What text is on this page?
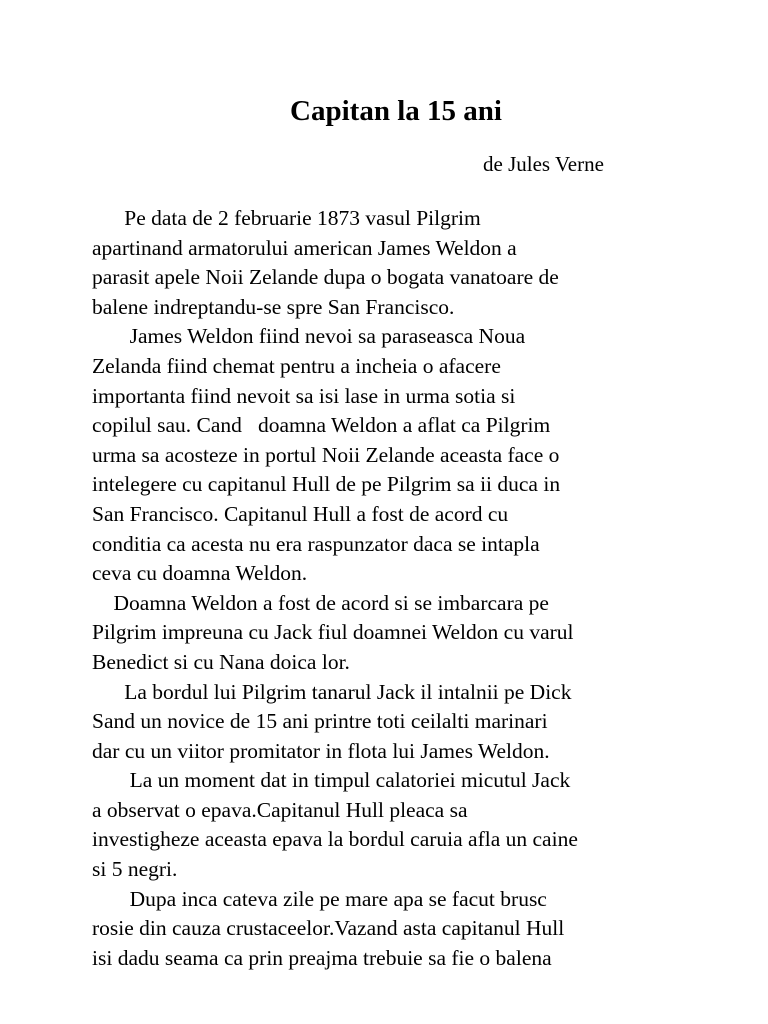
Capitan la 15 ani
de Jules Verne
Pe data de 2 februarie 1873 vasul Pilgrim
apartinand armatorului american James Weldon a
parasit apele Noii Zelande dupa o bogata vanatoare de
balene indreptandu-se spre San Francisco.
James Weldon fiind nevoi sa paraseasca Noua
Zelanda fiind chemat pentru a incheia o afacere
importanta fiind nevoit sa isi lase in urma sotia si
copilul sau. Cand   doamna Weldon a aflat ca Pilgrim
urma sa acosteze in portul Noii Zelande aceasta face o
intelegere cu capitanul Hull de pe Pilgrim sa ii duca in
San Francisco. Capitanul Hull a fost de acord cu
conditia ca acesta nu era raspunzator daca se intapla
ceva cu doamna Weldon.
Doamna Weldon a fost de acord si se imbarcara pe
Pilgrim impreuna cu Jack fiul doamnei Weldon cu varul
Benedict si cu Nana doica lor.
La bordul lui Pilgrim tanarul Jack il intalnii pe Dick
Sand un novice de 15 ani printre toti ceilalti marinari
dar cu un viitor promitator in flota lui James Weldon.
La un moment dat in timpul calatoriei micutul Jack
a observat o epava.Capitanul Hull pleaca sa
investigheze aceasta epava la bordul caruia afla un caine
si 5 negri.
Dupa inca cateva zile pe mare apa se facut brusc
rosie din cauza crustaceelor.Vazand asta capitanul Hull
isi dadu seama ca prin preajma trebuie sa fie o balena
